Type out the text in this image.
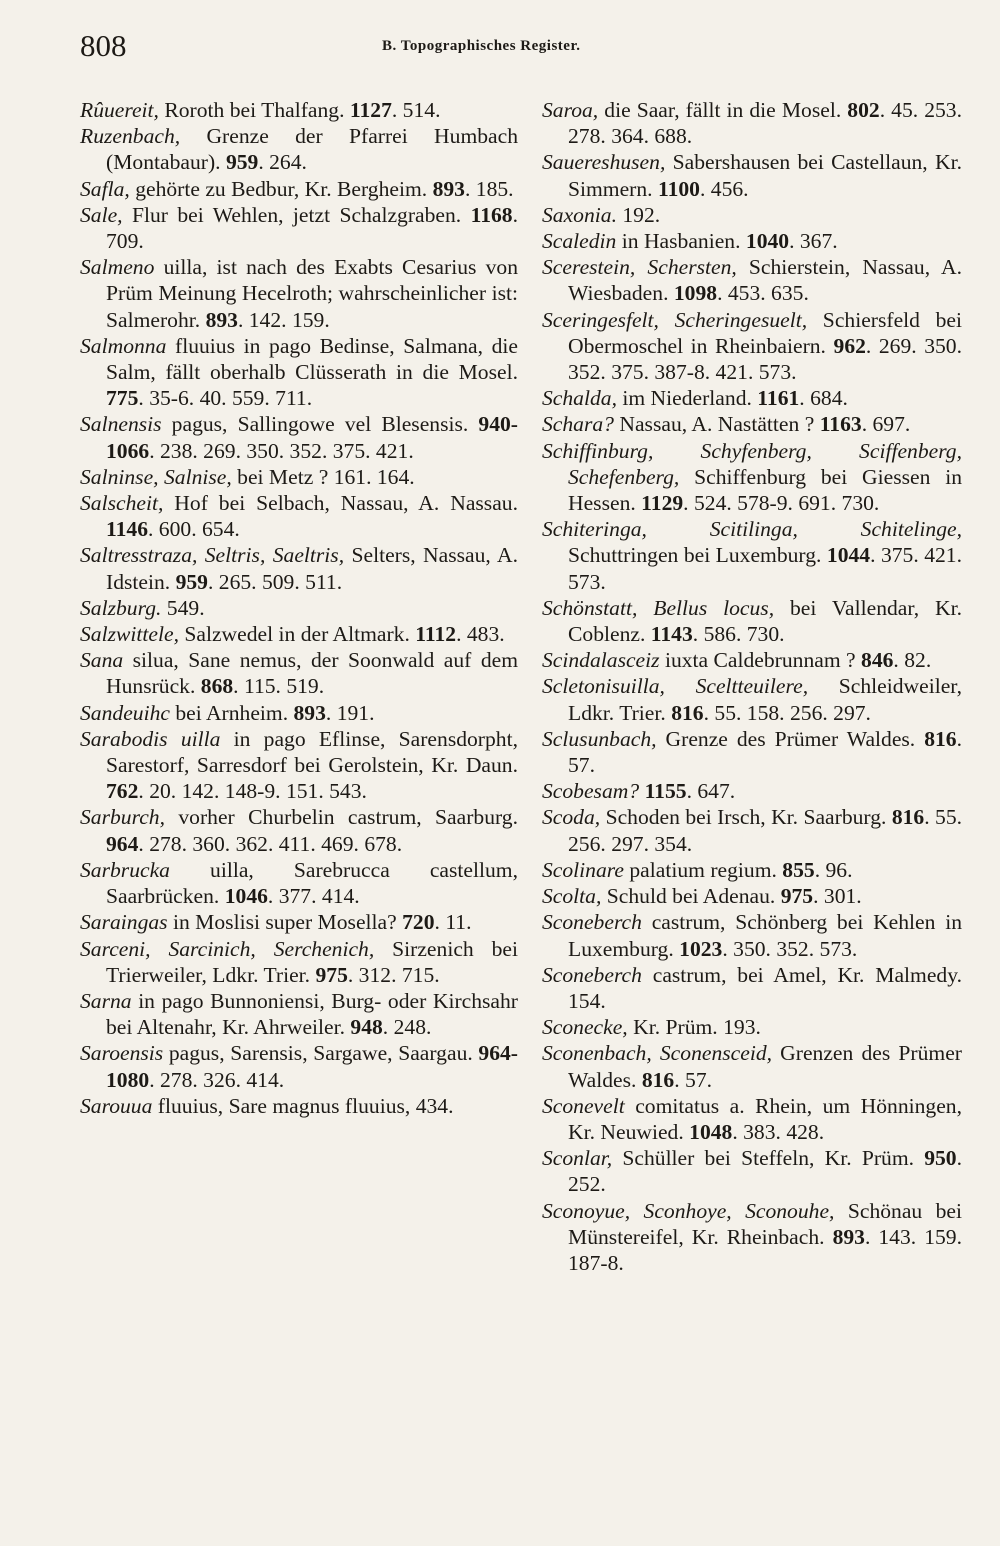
808	B. Topographisches Register.
Rûuereit, Roroth bei Thalfang. 1127. 514.
Ruzenbach, Grenze der Pfarrei Humbach (Montabaur). 959. 264.
Safla, gehörte zu Bedbur, Kr. Bergheim. 893. 185.
Sale, Flur bei Wehlen, jetzt Schalzgraben. 1168. 709.
Salmeno uilla, ist nach des Exabts Cesarius von Prüm Meinung Hecelroth; wahrscheinlicher ist: Salmerohr. 893. 142. 159.
Salmonna fluuius in pago Bedinse, Salmana, die Salm, fällt oberhalb Clüsserath in die Mosel. 775. 35-6. 40. 559. 711.
Salnensis pagus, Sallingowe vel Blesensis. 940-1066. 238. 269. 350. 352. 375. 421.
Salninse, Salnise, bei Metz ? 161. 164.
Salscheit, Hof bei Selbach, Nassau, A. Nassau. 1146. 600. 654.
Saltresstraza, Seltris, Saeltris, Selters, Nassau, A. Idstein. 959. 265. 509. 511.
Salzburg. 549.
Salzwittele, Salzwedel in der Altmark. 1112. 483.
Sana silua, Sane nemus, der Soonwald auf dem Hunsrück. 868. 115. 519.
Sandeuihc bei Arnheim. 893. 191.
Sarabodis uilla in pago Eflinse, Sarensdorpht, Sarestorf, Sarresdorf bei Gerolstein, Kr. Daun. 762. 20. 142. 148-9. 151. 543.
Sarburch, vorher Churbelin castrum, Saarburg. 964. 278. 360. 362. 411. 469. 678.
Sarbrucka uilla, Sarebrucca castellum, Saarbrücken. 1046. 377. 414.
Saraingas in Moslisi super Mosella? 720. 11.
Sarceni, Sarcinich, Serchenich, Sirzenich bei Trierweiler, Ldkr. Trier. 975. 312. 715.
Sarna in pago Bunnoniensi, Burg- oder Kirchsahr bei Altenahr, Kr. Ahrweiler. 948. 248.
Saroensis pagus, Sarensis, Sargawe, Saargau. 964-1080. 278. 326. 414.
Sarouua fluuius, Sare magnus fluuius, 434.
Saroa, die Saar, fällt in die Mosel. 802. 45. 253. 278. 364. 688.
Sauereshusen, Sabershausen bei Castellaun, Kr. Simmern. 1100. 456.
Saxonia. 192.
Scaledin in Hasbanien. 1040. 367.
Scerestein, Schersten, Schierstein, Nassau, A. Wiesbaden. 1098. 453. 635.
Sceringesfelt, Scheringesuelt, Schiersfeld bei Obermoschel in Rheinbaiern. 962. 269. 350. 352. 375. 387-8. 421. 573.
Schalda, im Niederland. 1161. 684.
Schara? Nassau, A. Nastätten ? 1163. 697.
Schiffinburg, Schyfenberg, Sciffenberg, Schefenberg, Schiffenburg bei Giessen in Hessen. 1129. 524. 578-9. 691. 730.
Schiteringa, Scitilinga, Schitelinge, Schuttringen bei Luxemburg. 1044. 375. 421. 573.
Schönstatt, Bellus locus, bei Vallendar, Kr. Coblenz. 1143. 586. 730.
Scindalasceiz iuxta Caldebrunnam ? 846. 82.
Scletonisuilla, Sceltteuilere, Schleidweiler, Ldkr. Trier. 816. 55. 158. 256. 297.
Sclusunbach, Grenze des Prümer Waldes. 816. 57.
Scobesam? 1155. 647.
Scoda, Schoden bei Irsch, Kr. Saarburg. 816. 55. 256. 297. 354.
Scolinare palatium regium. 855. 96.
Scolta, Schuld bei Adenau. 975. 301.
Sconeberch castrum, Schönberg bei Kehlen in Luxemburg. 1023. 350. 352. 573.
Sconeberch castrum, bei Amel, Kr. Malmedy. 154.
Sconecke, Kr. Prüm. 193.
Sconenbach, Sconensceid, Grenzen des Prümer Waldes. 816. 57.
Sconevelt comitatus a. Rhein, um Hönningen, Kr. Neuwied. 1048. 383. 428.
Sconlar, Schüller bei Steffeln, Kr. Prüm. 950. 252.
Sconoyue, Sconhoye, Sconouhe, Schönau bei Münstereifel, Kr. Rheinbach. 893. 143. 159. 187-8.
